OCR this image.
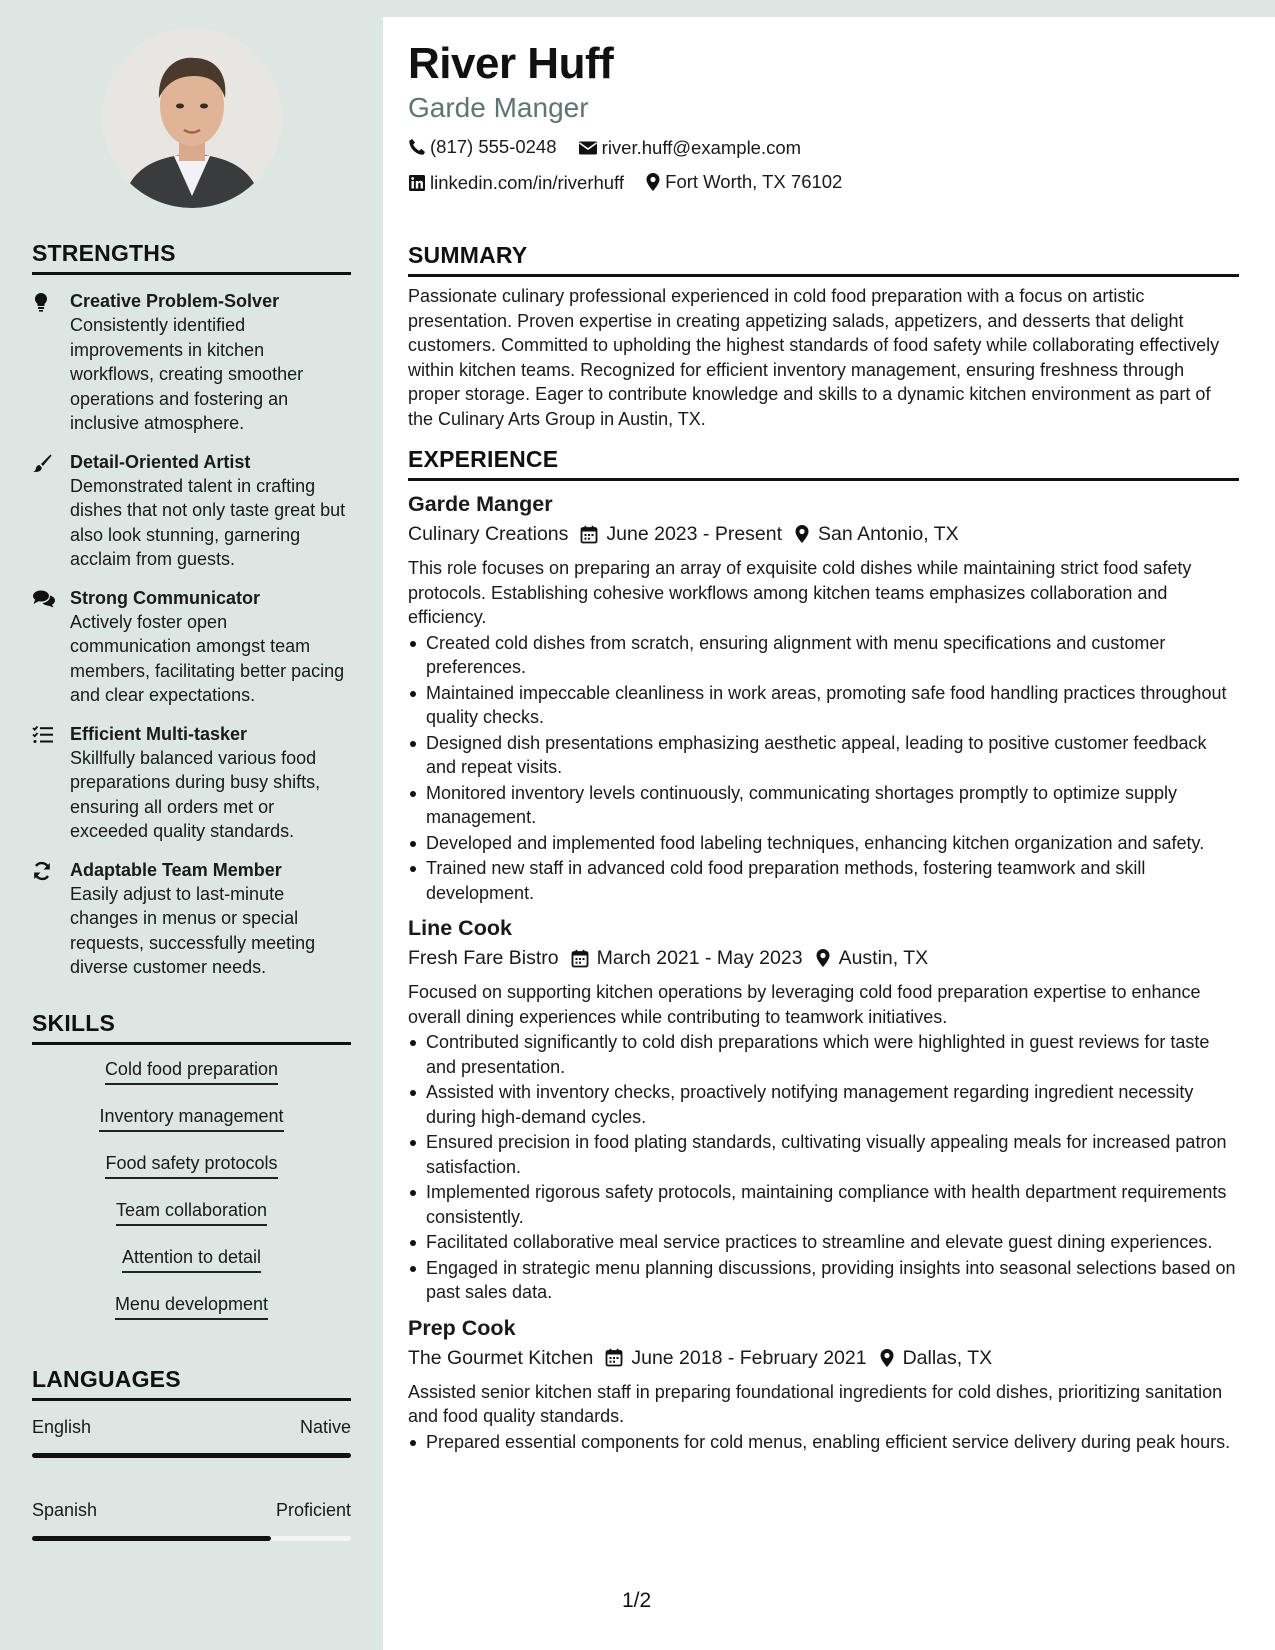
STRENGTHS
Creative Problem-Solver
Consistently identified improvements in kitchen workflows, creating smoother operations and fostering an inclusive atmosphere.
Detail-Oriented Artist
Demonstrated talent in crafting dishes that not only taste great but also look stunning, garnering acclaim from guests.
Strong Communicator
Actively foster open communication amongst team members, facilitating better pacing and clear expectations.
Efficient Multi-tasker
Skillfully balanced various food preparations during busy shifts, ensuring all orders met or exceeded quality standards.
Adaptable Team Member
Easily adjust to last-minute changes in menus or special requests, successfully meeting diverse customer needs.
SKILLS
Cold food preparation
Inventory management
Food safety protocols
Team collaboration
Attention to detail
Menu development
LANGUAGES
English	Native
Spanish	Proficient
River Huff
Garde Manger
(817) 555-0248
river.huff@example.com
linkedin.com/in/riverhuff
Fort Worth, TX 76102
SUMMARY
Passionate culinary professional experienced in cold food preparation with a focus on artistic presentation. Proven expertise in creating appetizing salads, appetizers, and desserts that delight customers. Committed to upholding the highest standards of food safety while collaborating effectively within kitchen teams. Recognized for efficient inventory management, ensuring freshness through proper storage. Eager to contribute knowledge and skills to a dynamic kitchen environment as part of the Culinary Arts Group in Austin, TX.
EXPERIENCE
Garde Manger
Culinary Creations June 2023 - Present San Antonio, TX
This role focuses on preparing an array of exquisite cold dishes while maintaining strict food safety protocols. Establishing cohesive workflows among kitchen teams emphasizes collaboration and efficiency.
Created cold dishes from scratch, ensuring alignment with menu specifications and customer preferences.
Maintained impeccable cleanliness in work areas, promoting safe food handling practices throughout quality checks.
Designed dish presentations emphasizing aesthetic appeal, leading to positive customer feedback and repeat visits.
Monitored inventory levels continuously, communicating shortages promptly to optimize supply management.
Developed and implemented food labeling techniques, enhancing kitchen organization and safety.
Trained new staff in advanced cold food preparation methods, fostering teamwork and skill development.
Line Cook
Fresh Fare Bistro March 2021 - May 2023 Austin, TX
Focused on supporting kitchen operations by leveraging cold food preparation expertise to enhance overall dining experiences while contributing to teamwork initiatives.
Contributed significantly to cold dish preparations which were highlighted in guest reviews for taste and presentation.
Assisted with inventory checks, proactively notifying management regarding ingredient necessity during high-demand cycles.
Ensured precision in food plating standards, cultivating visually appealing meals for increased patron satisfaction.
Implemented rigorous safety protocols, maintaining compliance with health department requirements consistently.
Facilitated collaborative meal service practices to streamline and elevate guest dining experiences.
Engaged in strategic menu planning discussions, providing insights into seasonal selections based on past sales data.
Prep Cook
The Gourmet Kitchen June 2018 - February 2021 Dallas, TX
Assisted senior kitchen staff in preparing foundational ingredients for cold dishes, prioritizing sanitation and food quality standards.
Prepared essential components for cold menus, enabling efficient service delivery during peak hours.
1/2
